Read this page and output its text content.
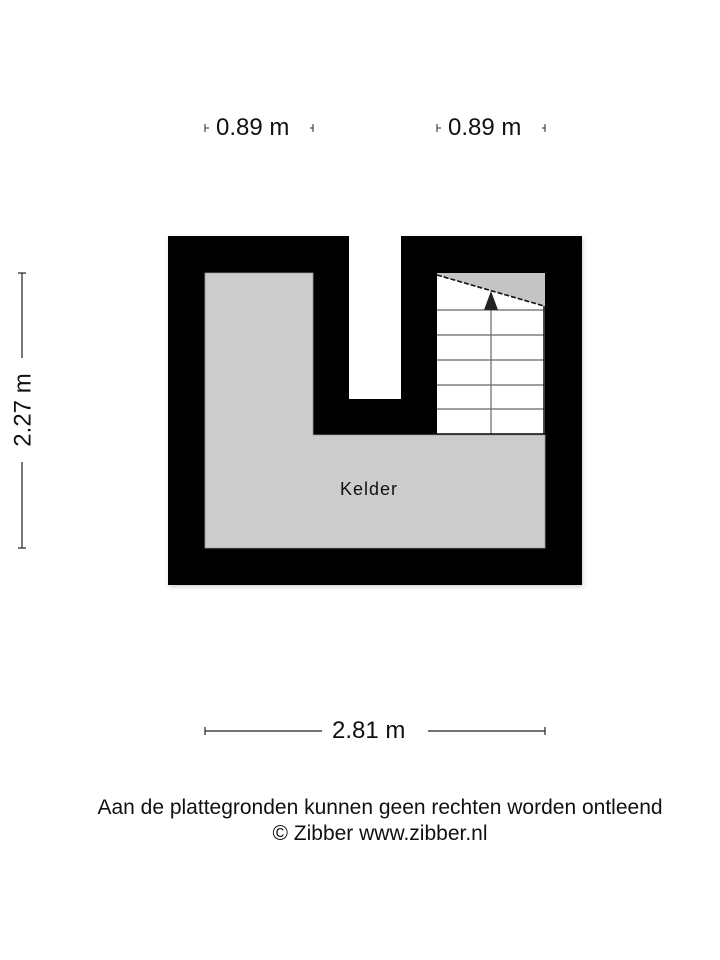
0.89 m	0.89 m
2.27 m
2.81 m
Kelder
Aan de plattegronden kunnen geen rechten worden ontleend
© Zibber www.zibber.nl
